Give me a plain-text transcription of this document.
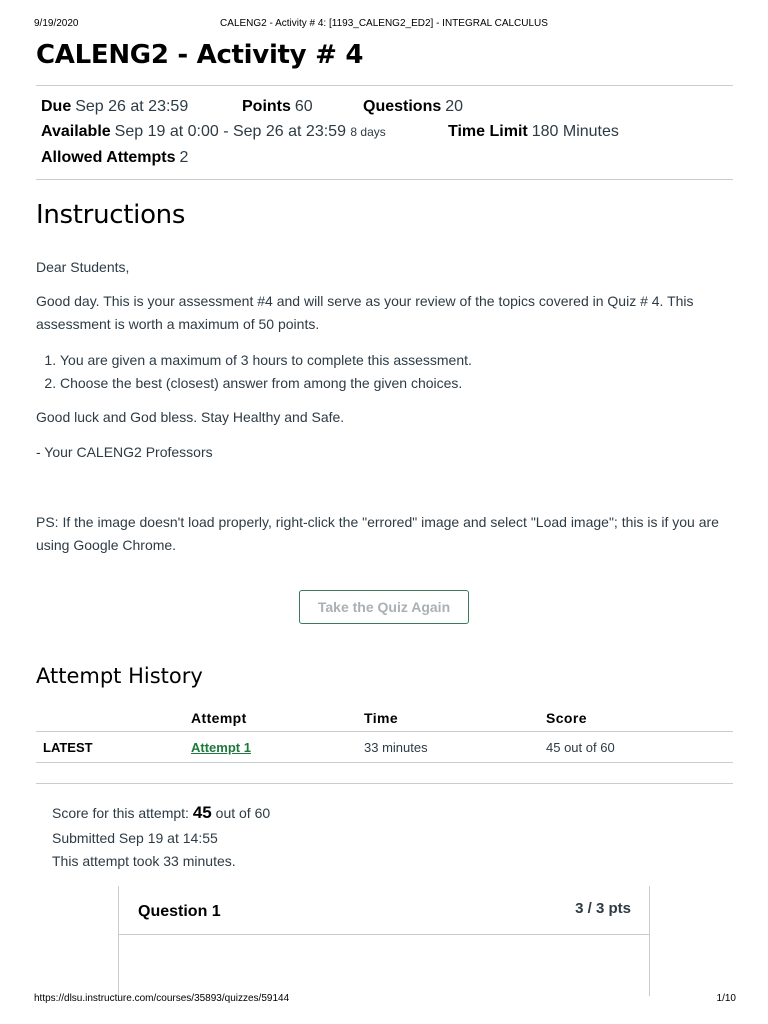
9/19/2020	CALENG2 - Activity # 4: [1193_CALENG2_ED2] - INTEGRAL CALCULUS
CALENG2 - Activity # 4
Due Sep 26 at 23:59	Points 60	Questions 20
Available Sep 19 at 0:00 - Sep 26 at 23:59 8 days	Time Limit 180 Minutes
Allowed Attempts 2
Instructions

Dear Students,

Good day. This is your assessment #4 and will serve as your review of the topics covered in Quiz # 4. This assessment is worth a maximum of 50 points.

1. You are given a maximum of 3 hours to complete this assessment.
2. Choose the best (closest) answer from among the given choices.

Good luck and God bless. Stay Healthy and Safe.

- Your CALENG2 Professors

PS: If the image doesn't load properly, right-click the "errored" image and select "Load image"; this is if you are using Google Chrome.

Take the Quiz Again
Attempt History
	Attempt	Time	Score
LATEST	Attempt 1	33 minutes	45 out of 60
Score for this attempt: 45 out of 60
Submitted Sep 19 at 14:55
This attempt took 33 minutes.
Question 1	3 / 3 pts
https://dlsu.instructure.com/courses/35893/quizzes/59144	1/10
